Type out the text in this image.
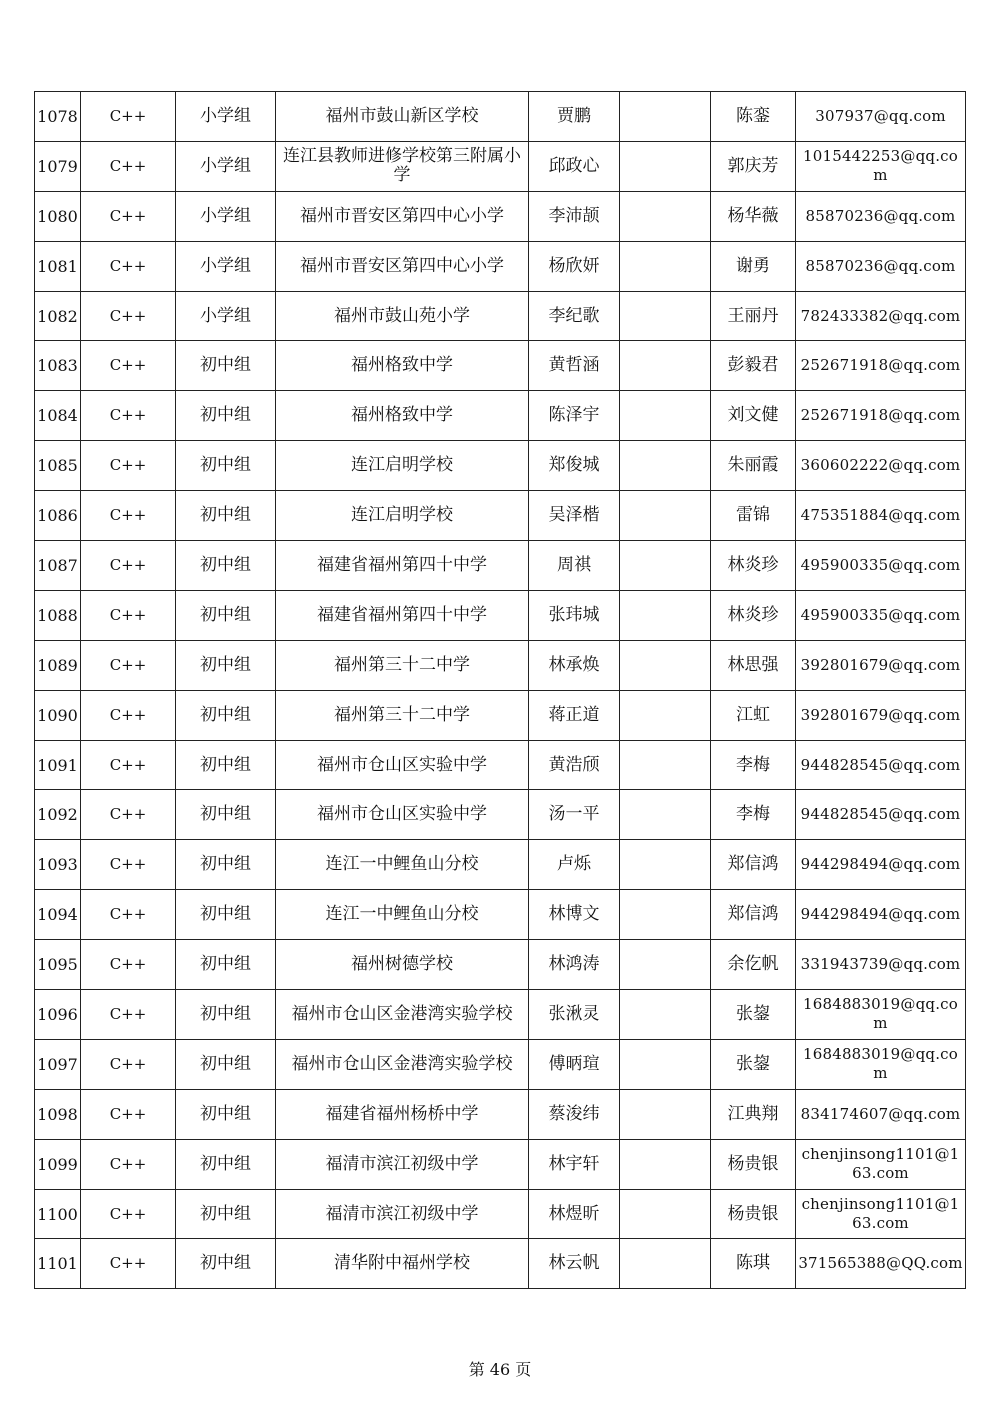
1078	C++	小学组	福州市鼓山新区学校	贾鹏		陈銮	307937@qq.com
1079	C++	小学组	连江县教师进修学校第三附属小学	邱政心		郭庆芳	1015442253@qq.com
1080	C++	小学组	福州市晋安区第四中心小学	李沛颉		杨华薇	85870236@qq.com
1081	C++	小学组	福州市晋安区第四中心小学	杨欣妍		谢勇	85870236@qq.com
1082	C++	小学组	福州市鼓山苑小学	李纪歌		王丽丹	782433382@qq.com
1083	C++	初中组	福州格致中学	黄哲涵		彭毅君	252671918@qq.com
1084	C++	初中组	福州格致中学	陈泽宇		刘文健	252671918@qq.com
1085	C++	初中组	连江启明学校	郑俊城		朱丽霞	360602222@qq.com
1086	C++	初中组	连江启明学校	吴泽楷		雷锦	475351884@qq.com
1087	C++	初中组	福建省福州第四十中学	周祺		林炎珍	495900335@qq.com
1088	C++	初中组	福建省福州第四十中学	张玮城		林炎珍	495900335@qq.com
1089	C++	初中组	福州第三十二中学	林承焕		林思强	392801679@qq.com
1090	C++	初中组	福州第三十二中学	蒋正道		江虹	392801679@qq.com
1091	C++	初中组	福州市仓山区实验中学	黄浩颀		李梅	944828545@qq.com
1092	C++	初中组	福州市仓山区实验中学	汤一平		李梅	944828545@qq.com
1093	C++	初中组	连江一中鲤鱼山分校	卢烁		郑信鸿	944298494@qq.com
1094	C++	初中组	连江一中鲤鱼山分校	林博文		郑信鸿	944298494@qq.com
1095	C++	初中组	福州树德学校	林鸿涛		余仡帆	331943739@qq.com
1096	C++	初中组	福州市仓山区金港湾实验学校	张湫灵		张鋆	1684883019@qq.com
1097	C++	初中组	福州市仓山区金港湾实验学校	傅昞瑄		张鋆	1684883019@qq.com
1098	C++	初中组	福建省福州杨桥中学	蔡浚纬		江典翔	834174607@qq.com
1099	C++	初中组	福清市滨江初级中学	林宇轩		杨贵银	chenjinsong1101@163.com
1100	C++	初中组	福清市滨江初级中学	林煜昕		杨贵银	chenjinsong1101@163.com
1101	C++	初中组	清华附中福州学校	林云帆		陈琪	371565388@QQ.com
第 46 页
